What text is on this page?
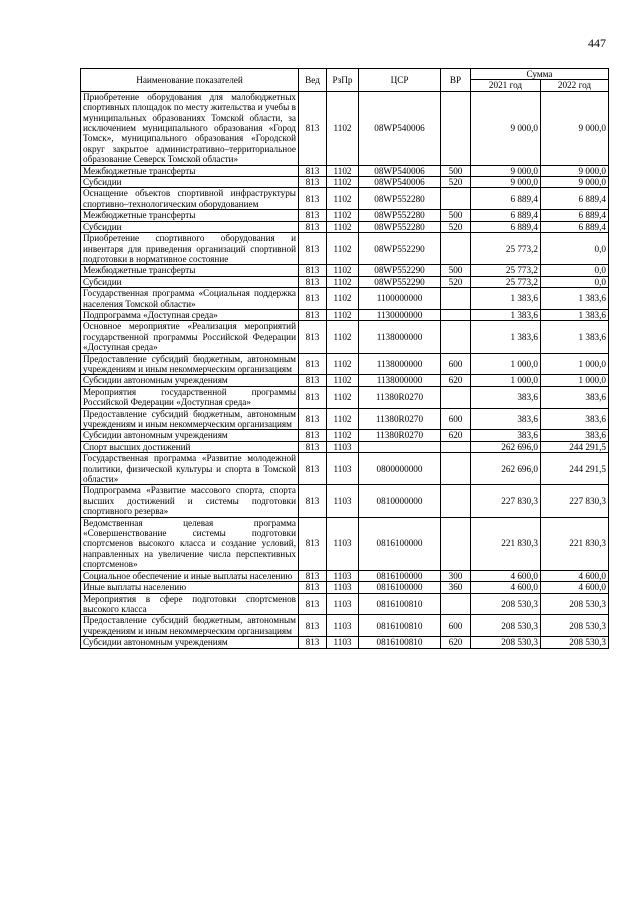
447
Наименование показателей	Вед	РзПр	ЦСР	ВР	Сумма	
					2021 год	2022 год
Приобретение оборудования для малобюджетных спортивных площадок по месту жительства и учебы в муниципальных образованиях Томской области, за исключением муниципального образования «Город Томск», муниципального образования «Городской округ закрытое административно–территориальное образование Северск Томской области»	813	1102	08WP540006		9 000,0	9 000,0
Межбюджетные трансферты	813	1102	08WP540006	500	9 000,0	9 000,0
Субсидии	813	1102	08WP540006	520	9 000,0	9 000,0
Оснащение объектов спортивной инфраструктуры спортивно–технологическим оборудованием	813	1102	08WP552280		6 889,4	6 889,4
Межбюджетные трансферты	813	1102	08WP552280	500	6 889,4	6 889,4
Субсидии	813	1102	08WP552280	520	6 889,4	6 889,4
Приобретение спортивного оборудования и инвентаря для приведения организаций спортивной подготовки в нормативное состояние	813	1102	08WP552290		25 773,2	0,0
Межбюджетные трансферты	813	1102	08WP552290	500	25 773,2	0,0
Субсидии	813	1102	08WP552290	520	25 773,2	0,0
Государственная программа «Социальная поддержка населения Томской области»	813	1102	1100000000		1 383,6	1 383,6
Подпрограмма «Доступная среда»	813	1102	1130000000		1 383,6	1 383,6
Основное мероприятие «Реализация мероприятий государственной программы Российской Федерации «Доступная среда»	813	1102	1138000000		1 383,6	1 383,6
Предоставление субсидий бюджетным, автономным учреждениям и иным некоммерческим организациям	813	1102	1138000000	600	1 000,0	1 000,0
Субсидии автономным учреждениям	813	1102	1138000000	620	1 000,0	1 000,0
Мероприятия государственной программы Российской Федерации «Доступная среда»	813	1102	11380R0270		383,6	383,6
Предоставление субсидий бюджетным, автономным учреждениям и иным некоммерческим организациям	813	1102	11380R0270	600	383,6	383,6
Субсидии автономным учреждениям	813	1102	11380R0270	620	383,6	383,6
Спорт высших достижений	813	1103			262 696,0	244 291,5
Государственная программа «Развитие молодежной политики, физической культуры и спорта в Томской области»	813	1103	0800000000		262 696,0	244 291,5
Подпрограмма «Развитие массового спорта, спорта высших достижений и системы подготовки спортивного резерва»	813	1103	0810000000		227 830,3	227 830,3
Ведомственная целевая программа «Совершенствование системы подготовки спортсменов высокого класса и создание условий, направленных на увеличение числа перспективных спортсменов»	813	1103	0816100000		221 830,3	221 830,3
Социальное обеспечение и иные выплаты населению	813	1103	0816100000	300	4 600,0	4 600,0
Иные выплаты населению	813	1103	0816100000	360	4 600,0	4 600,0
Мероприятия в сфере подготовки спортсменов высокого класса	813	1103	0816100810		208 530,3	208 530,3
Предоставление субсидий бюджетным, автономным учреждениям и иным некоммерческим организациям	813	1103	0816100810	600	208 530,3	208 530,3
Субсидии автономным учреждениям	813	1103	0816100810	620	208 530,3	208 530,3
